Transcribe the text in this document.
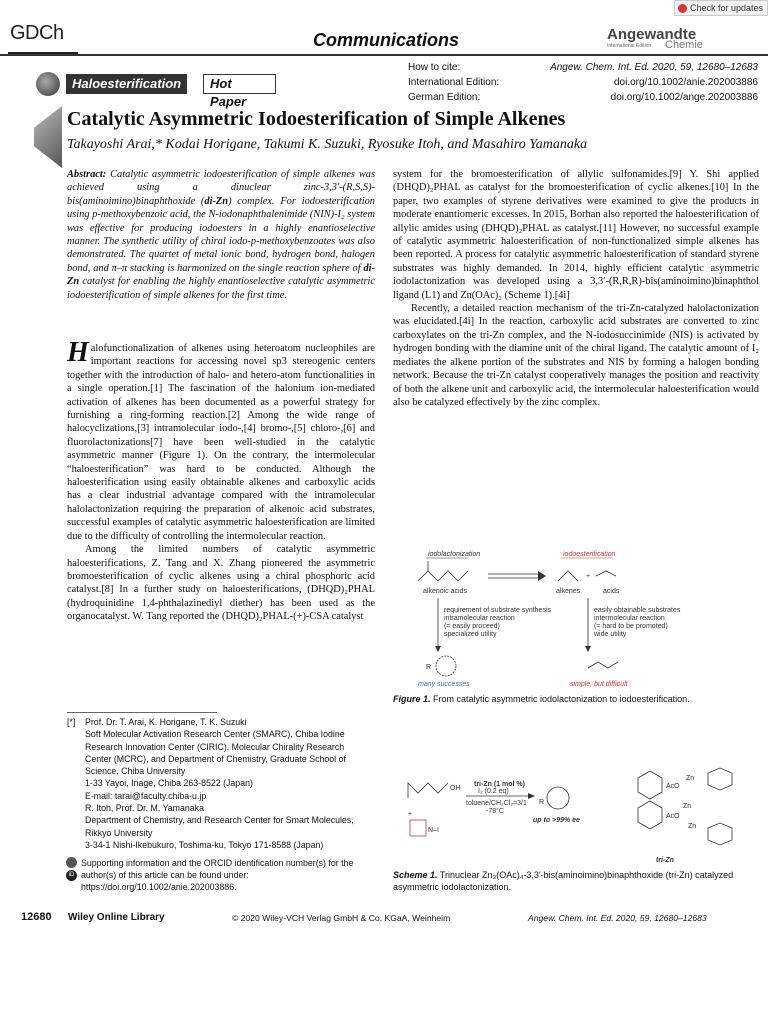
GDCh	Communications	Angewandte
International Edition	Chemie
Check for updates
Haloesterification	Hot Paper
How to cite:	Angew. Chem. Int. Ed. 2020, 59, 12680–12683
International Edition:	doi.org/10.1002/anie.202003886
German Edition:	doi.org/10.1002/ange.202003886
Catalytic Asymmetric Iodoesterification of Simple Alkenes
Takayoshi Arai,* Kodai Horigane, Takumi K. Suzuki, Ryosuke Itoh, and Masahiro Yamanaka
Abstract: Catalytic asymmetric iodoesterification of simple alkenes was achieved using a dinuclear zinc-3,3′-(R,S,S)-bis(aminoimino)binaphthoxide (di-Zn) complex. For iodoesterification using p-methoxybenzoic acid, the N-iodonaphthalenimide (NIN)-I₂ system was effective for producing iodoesters in a highly enantioselective manner. The synthetic utility of chiral iodo-p-methoxybenzoates was also demonstrated. The quartet of metal ionic bond, hydrogen bond, halogen bond, and π–π stacking is harmonized on the single reaction sphere of di-Zn catalyst for enabling the highly enantioselective catalytic asymmetric iodoesterification of simple alkenes for the first time.

Halofunctionalization of alkenes using heteroatom nucleophiles are important reactions for accessing novel sp3 stereogenic centers together with the introduction of halo- and hetero-atom functionalities in a single operation.[1] The fascination of the halonium ion-mediated activation of alkenes has been documented as a powerful strategy for furnishing a ring-forming reaction.[2] Among the wide range of halocyclizations,[3] intramolecular iodo-,[4] bromo-,[5] chloro-,[6] and fluorolactonizations[7] have been well-studied in the catalytic asymmetric manner (Figure 1). On the contrary, the intermolecular “haloesterification” was hard to be conducted. Although the haloesterification using easily obtainable alkenes and carboxylic acids has a clear industrial advantage compared with the intramolecular halolactonization requiring the preparation of alkenoic acid substrates, successful examples of catalytic asymmetric haloesterification are limited due to the difficulty of controlling the intermolecular reaction.

Among the limited numbers of catalytic asymmetric haloesterifications, Z. Tang and X. Zhang pioneered the asymmetric bromoesterification of cyclic alkenes using a chiral phosphoric acid catalyst.[8] In a further study on haloesterifications, (DHQD)₂PHAL (hydroquinidine 1,4-phthalazinediyl diether) has been used as the organocatalyst. W. Tang reported the (DHQD)₂PHAL-(+)-CSA catalyst

system for the bromoesterification of allylic sulfonamides.[9] Y. Shi applied (DHQD)₂PHAL as catalyst for the bromoesterification of cyclic alkenes.[10] In the paper, two examples of styrene derivatives were examined to give the products in moderate enantiomeric excesses. In 2015, Borhan also reported the haloesterification of allylic amides using (DHQD)₂PHAL as catalyst.[11] However, no successful example of catalytic asymmetric haloesterification of non-functionalized simple alkenes has been reported. A process for catalytic asymmetric haloesterification of standard styrene substrates was highly demanded. In 2014, highly efficient catalytic asymmetric iodolactonization was developed using a 3,3′-(R,R,R)-bis(aminoimino)binaphthol ligand (L1) and Zn(OAc)₂ (Scheme 1).[4i]

Recently, a detailed reaction mechanism of the tri-Zn-catalyzed halolactonization was elucidated.[4i] In the reaction, carboxylic acid substrates are converted to zinc carboxylates on the tri-Zn complex, and the N-iodosuccinimide (NIS) is activated by hydrogen bonding with the diamine unit of the chiral ligand. The catalytic amount of I₂ mediates the alkene portion of the substrates and NIS by forming a halogen bonding network. Because the tri-Zn catalyst cooperatively manages the position and reactivity of both the alkene unit and carboxylic acid, the intermolecular haloesterification would also be catalyzed effectively by the zinc complex.

iodolactonization	iodoesterification
alkenoic acids	alkenes
+
acids
requirement of substrate synthesis
intramolecular reaction
(= easily proceed)
specialized utility
easily obtainable substrates
intermolecular reaction
(= hard to be promoted)
wide utility
R
many successes	simple, but difficult
Figure 1. From catalytic asymmetric iodolactonization to iodoesterification.
OH
+
N–I
tri-Zn (1 mol %)
I₂ (0.2 eq)
toluene/CH₂Cl₂=3/1
-78°C
R
up to >99% ee
AcO
Zn
Zn
AcO
Zn
tri-Zn
Scheme 1. Trinuclear Zn₃(OAc)₄-3,3′-bis(aminoimino)binaphthoxide (tri-Zn) catalyzed asymmetric iodolactonization.
[*] Prof. Dr. T. Arai, K. Horigane, T. K. Suzuki
Soft Molecular Activation Research Center (SMARC), Chiba Iodine
Research Innovation Center (CIRIC), Molecular Chirality Research
Center (MCRC), and Department of Chemistry, Graduate School of
Science, Chiba University
1-33 Yayoi, Inage, Chiba 263-8522 (Japan)
E-mail: tarai@faculty.chiba-u.jp
R. Itoh, Prof. Dr. M. Yamanaka
Department of Chemistry, and Research Center for Smart Molecules,
Rikkyo University
3-34-1 Nishi-Ikebukuro, Toshima-ku, Tokyo 171-8588 (Japan)
iD
Supporting information and the ORCID identification number(s) for the author(s) of this article can be found under: https://doi.org/10.1002/anie.202003886.
12680 Wiley Online Library	© 2020 Wiley-VCH Verlag GmbH & Co. KGaA, Weinheim	Angew. Chem. Int. Ed. 2020, 59, 12680–12683
